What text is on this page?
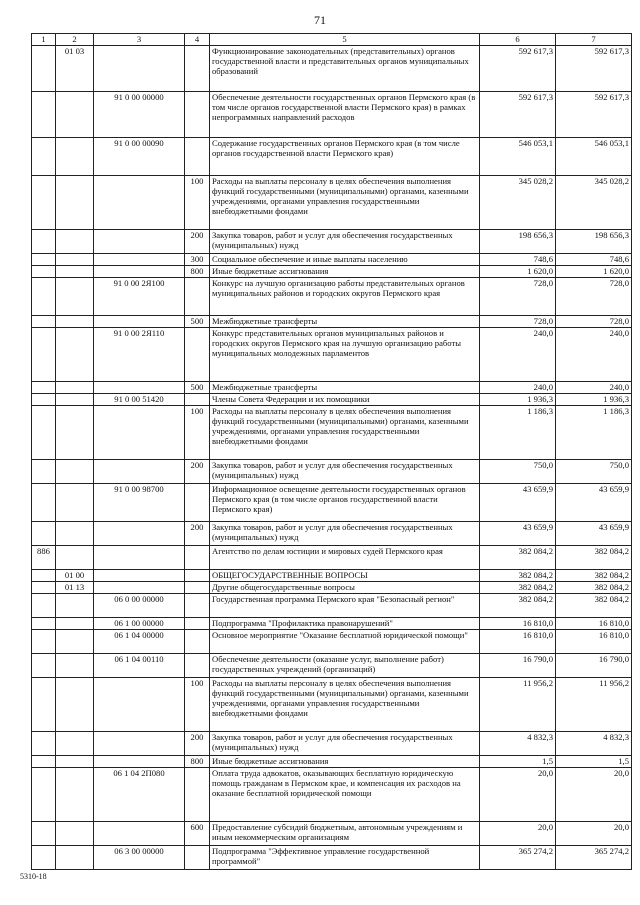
71
1	2	3	4	5	6	7
	01 03			Функционирование законодательных (представительных) органов государственной власти и представительных органов муниципальных образований	592 617,3	592 617,3
		91 0 00 00000		Обеспечение деятельности государственных органов Пермского края (в том числе органов государственной власти Пермского края) в рамках непрограммных направлений расходов	592 617,3	592 617,3
		91 0 00 00090		Содержание государственных органов Пермского края (в том числе органов государственной власти Пермского края)	546 053,1	546 053,1
			100	Расходы на выплаты персоналу в целях обеспечения выполнения функций государственными (муниципальными) органами, казенными учреждениями, органами управления государственными внебюджетными фондами	345 028,2	345 028,2
			200	Закупка товаров, работ и услуг для обеспечения государственных (муниципальных) нужд	198 656,3	198 656,3
			300	Социальное обеспечение и иные выплаты населению	748,6	748,6
			800	Иные бюджетные ассигнования	1 620,0	1 620,0
		91 0 00 2Я100		Конкурс на лучшую организацию работы представительных органов муниципальных районов и городских округов Пермского края	728,0	728,0
			500	Межбюджетные трансферты	728,0	728,0
		91 0 00 2Я110		Конкурс представительных органов муниципальных районов и городских округов Пермского края на лучшую организацию работы муниципальных молодежных парламентов	240,0	240,0
			500	Межбюджетные трансферты	240,0	240,0
		91 0 00 51420		Члены Совета Федерации и их помощники	1 936,3	1 936,3
			100	Расходы на выплаты персоналу в целях обеспечения выполнения функций государственными (муниципальными) органами, казенными учреждениями, органами управления государственными внебюджетными фондами	1 186,3	1 186,3
			200	Закупка товаров, работ и услуг для обеспечения государственных (муниципальных) нужд	750,0	750,0
		91 0 00 98700		Информационное освещение деятельности государственных органов Пермского края (в том числе органов государственной власти Пермского края)	43 659,9	43 659,9
			200	Закупка товаров, работ и услуг для обеспечения государственных (муниципальных) нужд	43 659,9	43 659,9
886				Агентство по делам юстиции и мировых судей Пермского края	382 084,2	382 084,2
	01 00			ОБЩЕГОСУДАРСТВЕННЫЕ ВОПРОСЫ	382 084,2	382 084,2
	01 13			Другие общегосударственные вопросы	382 084,2	382 084,2
		06 0 00 00000		Государственная программа Пермского края "Безопасный регион"	382 084,2	382 084,2
		06 1 00 00000		Подпрограмма "Профилактика правонарушений"	16 810,0	16 810,0
		06 1 04 00000		Основное мероприятие "Оказание бесплатной юридической помощи"	16 810,0	16 810,0
		06 1 04 00110		Обеспечение деятельности (оказание услуг, выполнение работ) государственных учреждений (организаций)	16 790,0	16 790,0
			100	Расходы на выплаты персоналу в целях обеспечения выполнения функций государственными (муниципальными) органами, казенными учреждениями, органами управления государственными внебюджетными фондами	11 956,2	11 956,2
			200	Закупка товаров, работ и услуг для обеспечения государственных (муниципальных) нужд	4 832,3	4 832,3
			800	Иные бюджетные ассигнования	1,5	1,5
		06 1 04 2П080		Оплата труда адвокатов, оказывающих бесплатную юридическую помощь гражданам в Пермском крае, и компенсация их расходов на оказание бесплатной юридической помощи	20,0	20,0
			600	Предоставление субсидий бюджетным, автономным учреждениям и иным некоммерческим организациям	20,0	20,0
		06 3 00 00000		Подпрограмма "Эффективное управление государственной программой"	365 274,2	365 274,2
5310-18
